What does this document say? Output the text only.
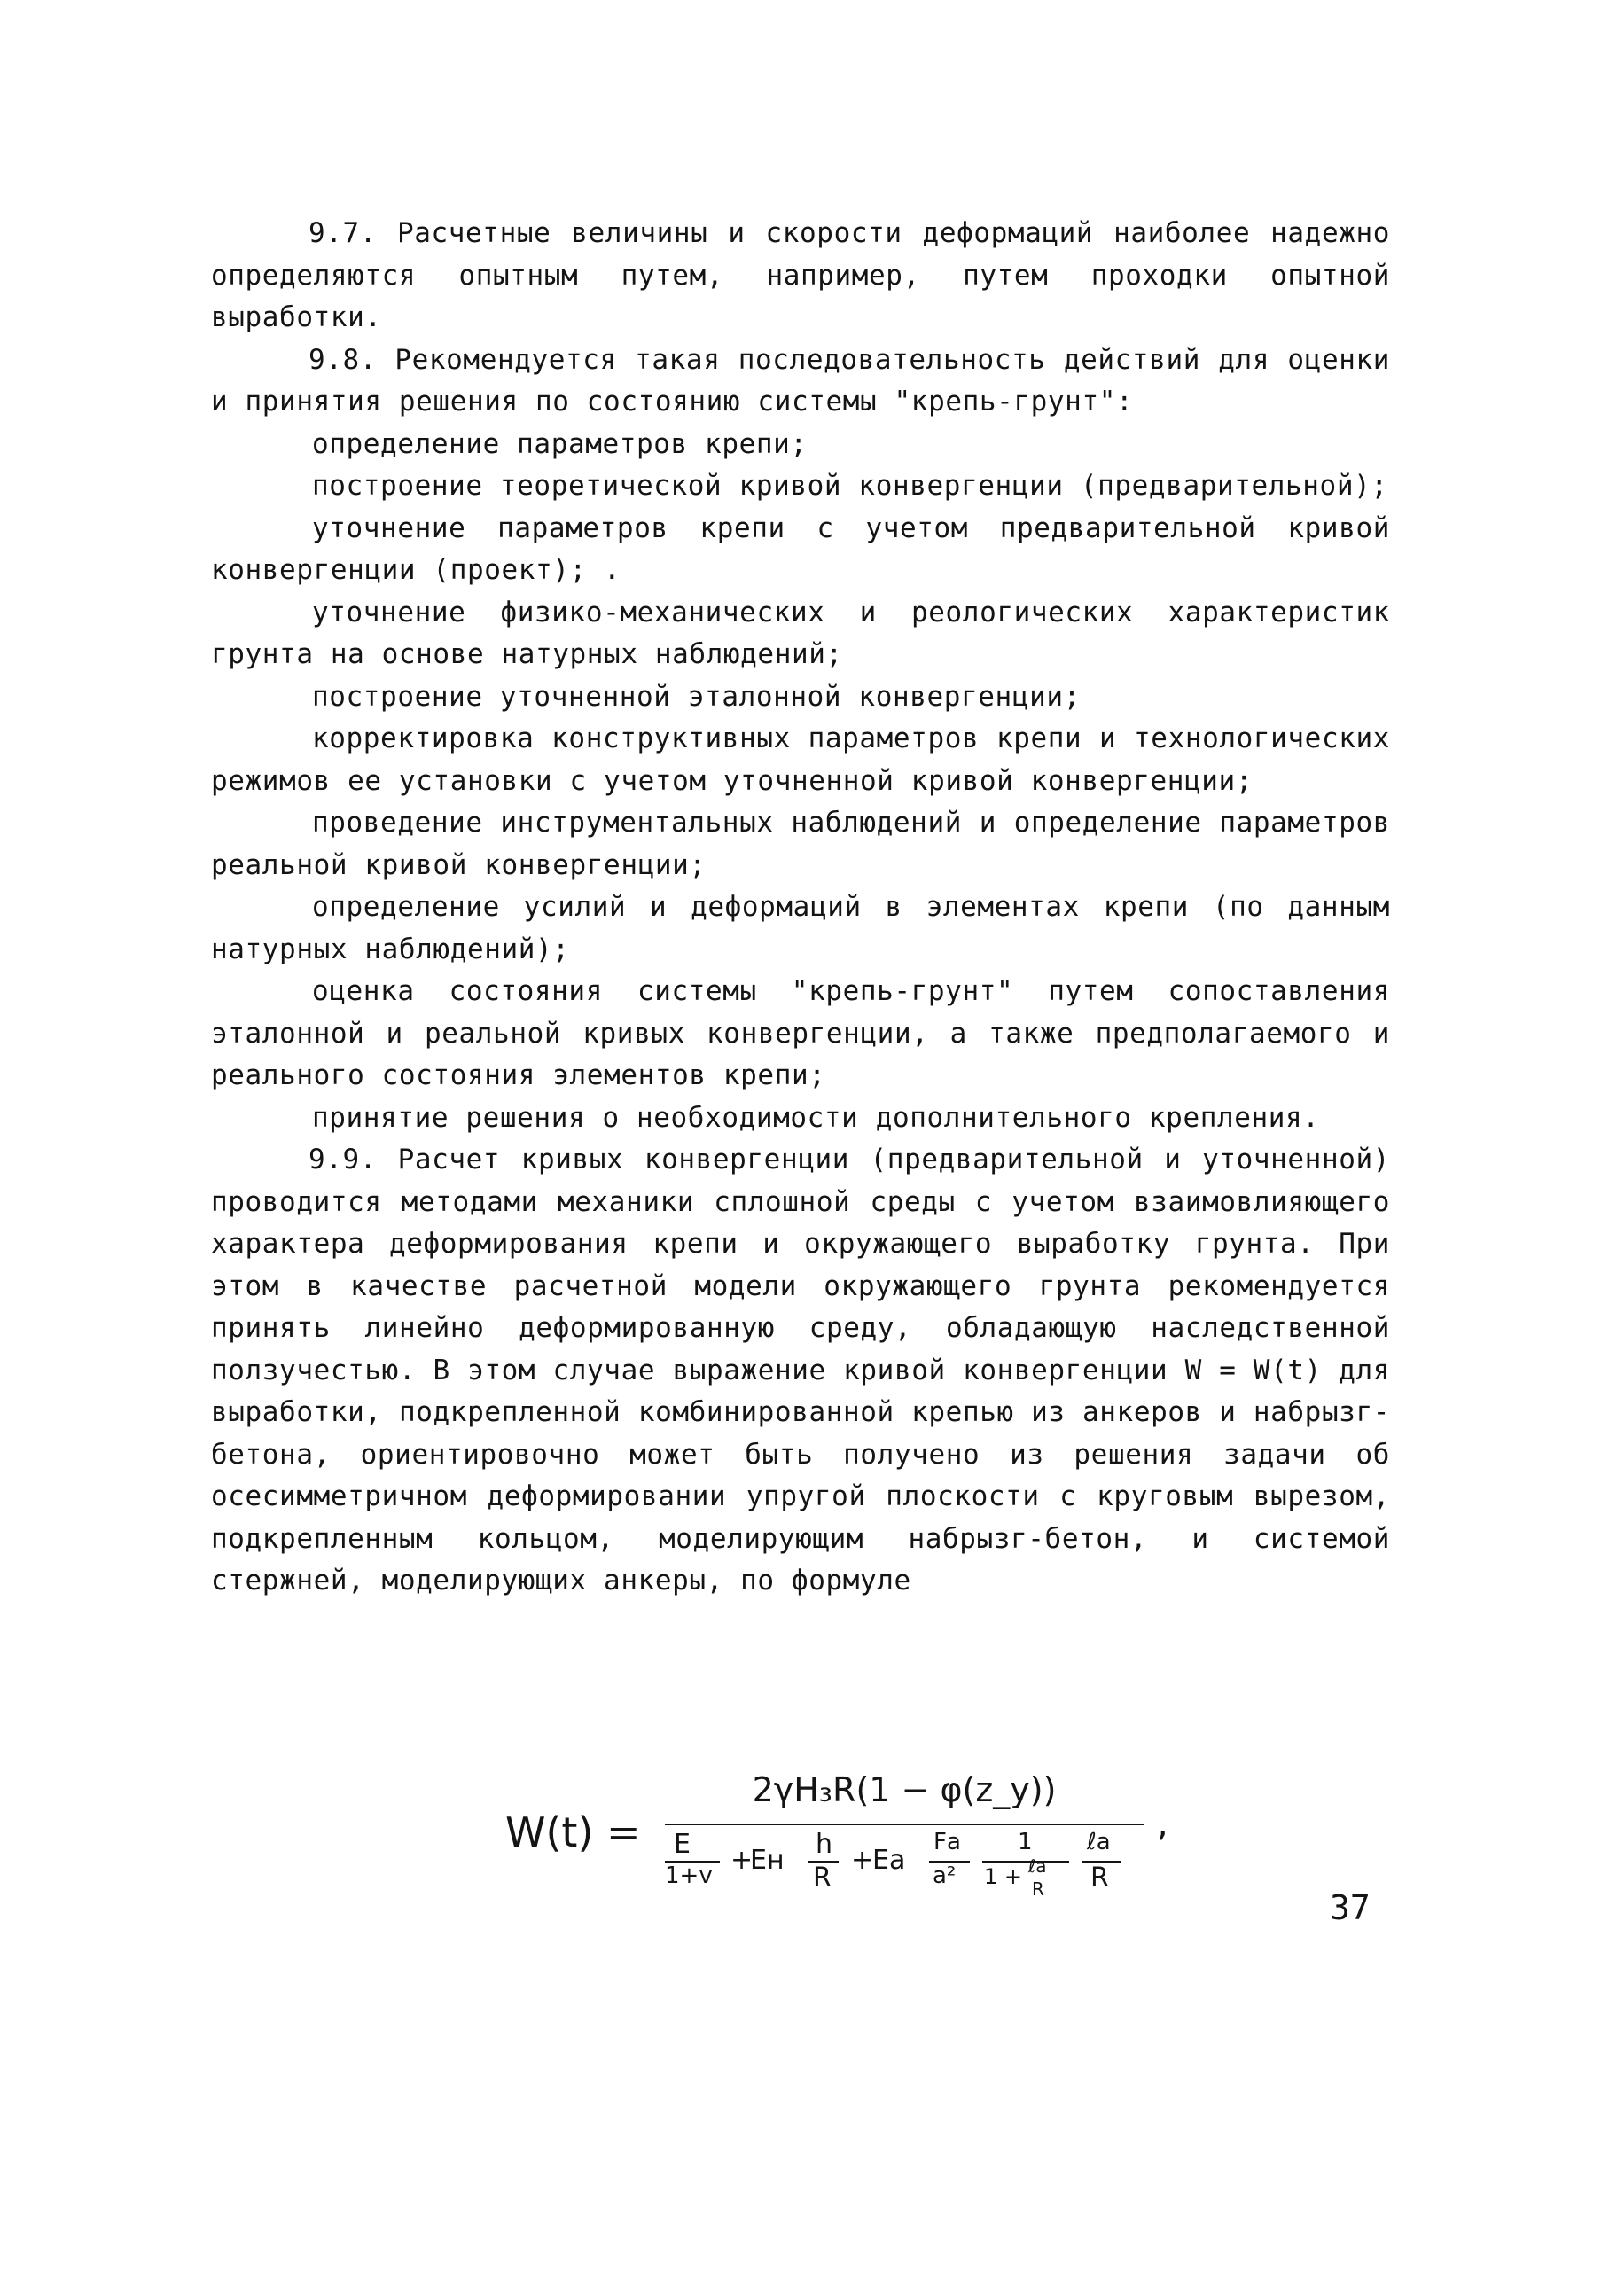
9.7. Расчетные величины и скорости деформаций наиболее надежно определяются опытным путем, например, путем проходки опытной выработки.

9.8. Рекомендуется такая последовательность действий для оценки и принятия решения по состоянию системы "крепь-грунт":

определение параметров крепи;

построение теоретической кривой конвергенции (предварительной);

уточнение параметров крепи с учетом предварительной кривой конвергенции (проект); .

уточнение физико-механических и реологических характеристик грунта на основе натурных наблюдений;

построение уточненной эталонной конвергенции;

корректировка конструктивных параметров крепи и технологических режимов ее установки с учетом уточненной кривой конвергенции;

проведение инструментальных наблюдений и определение параметров реальной кривой конвергенции;

определение усилий и деформаций в элементах крепи (по данным натурных наблюдений);

оценка состояния системы "крепь-грунт" путем сопоставления эталонной и реальной кривых конвергенции, а также предполагаемого и реального состояния элементов крепи;

принятие решения о необходимости дополнительного крепления.

9.9. Расчет кривых конвергенции (предварительной и уточненной) проводится методами механики сплошной среды с учетом взаимовлияющего характера деформирования крепи и окружающего выработку грунта. При этом в качестве расчетной модели окружающего грунта рекомендуется принять линейно деформированную среду, обладающую наследственной ползучестью. В этом случае выражение кривой конвергенции W = W(t) для выработки, подкрепленной комбинированной крепью из анкеров и набрызг-бетона, ориентировочно может быть получено из решения задачи об осесимметричном деформировании упругой плоскости с круговым вырезом, подкрепленным кольцом, моделирующим набрызг-бетон, и системой стержней, моделирующих анкеры, по формуле

W(t) =
2γH₃R(1 − φ(z_y))
E
1+v +
Eн
h
R
+
Eа
Fа
a²
1
1 + ℓа
R
ℓа
R
,
37
